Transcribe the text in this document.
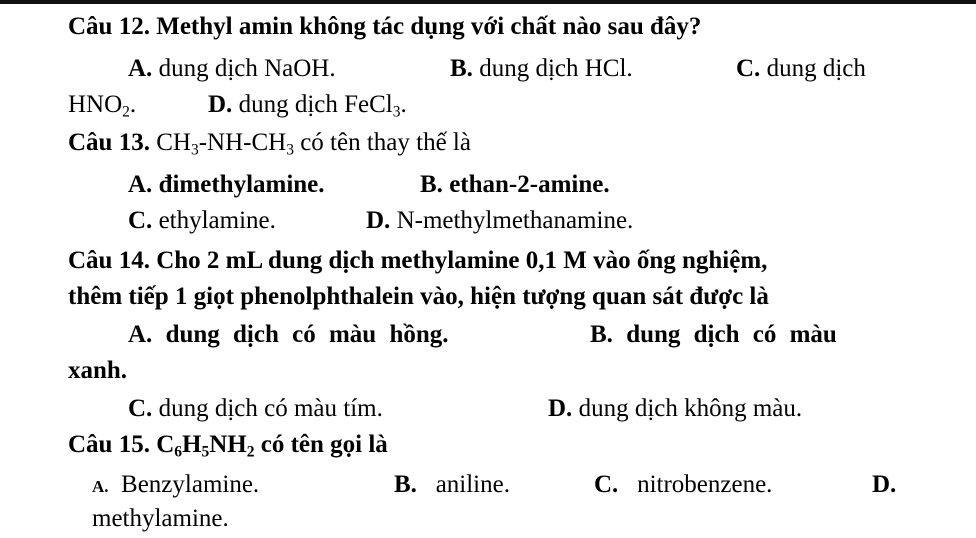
Câu 12. Methyl amin không tác dụng với chất nào sau đây?
A. dung dịch NaOH.	B. dung dịch HCl.	C. dung dịch
$HNO_2$.	D. dung dịch FeCl$_3$.
Câu 13. $CH_3-NH-CH_3$ có tên thay thế là
A. đimethylamine.	B. ethan-2-amine.
C. ethylamine.	D. N-methylmethanamine.
Câu 14. Cho 2 mL dung dịch methylamine 0,1 M vào ống nghiệm,
thêm tiếp 1 giọt phenolphthalein vào, hiện tượng quan sát được là
A. dung dịch có màu hồng.	B. dung dịch có màu
xanh.
C. dung dịch có màu tím.	D. dung dịch không màu.
Câu 15. $C_6H_5NH_2$ có tên gọi là
A. Benzylamine.	B. aniline.	C. nitrobenzene.	D.
methylamine.
